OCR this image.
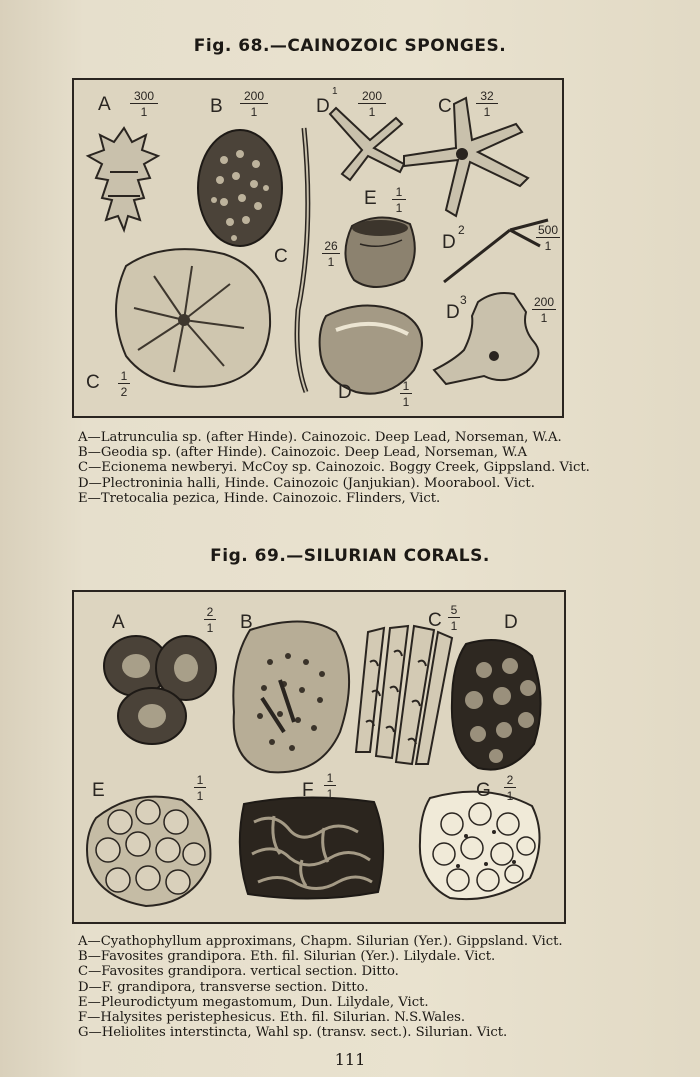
Fig. 68.—CAINOZOIC SPONGES.
A	B	D
1
C
E
C
D
2
D
3
C	D
300
1
200
1
200
1
32
1
1
1
26
1
500
1
200
1
1
2	1
1

A—Latrunculia sp. (after Hinde). Cainozoic. Deep Lead, Norseman, W.A.

B—Geodia sp. (after Hinde). Cainozoic. Deep Lead, Norseman, W.A

C—Ecionema newberyi. McCoy sp. Cainozoic. Boggy Creek, Gippsland. Vict.

D—Plectroninia halli, Hinde. Cainozoic (Janjukian). Moorabool. Vict.

E—Tretocalia pezica, Hinde. Cainozoic. Flinders, Vict.

Fig. 69.—SILURIAN CORALS.
A	B	C	D
E	F	G
2
1
5
1
1
1
1
1
2
1

A—Cyathophyllum approximans, Chapm. Silurian (Yer.). Gippsland. Vict.

B—Favosites grandipora. Eth. fil. Silurian (Yer.). Lilydale. Vict.

C—Favosites grandipora. vertical section. Ditto.

D—F. grandipora, transverse section. Ditto.

E—Pleurodictyum megastomum, Dun. Lilydale, Vict.

F—Halysites peristephesicus. Eth. fil. Silurian. N.S.Wales.

G—Heliolites interstincta, Wahl sp. (transv. sect.). Silurian. Vict.

111
